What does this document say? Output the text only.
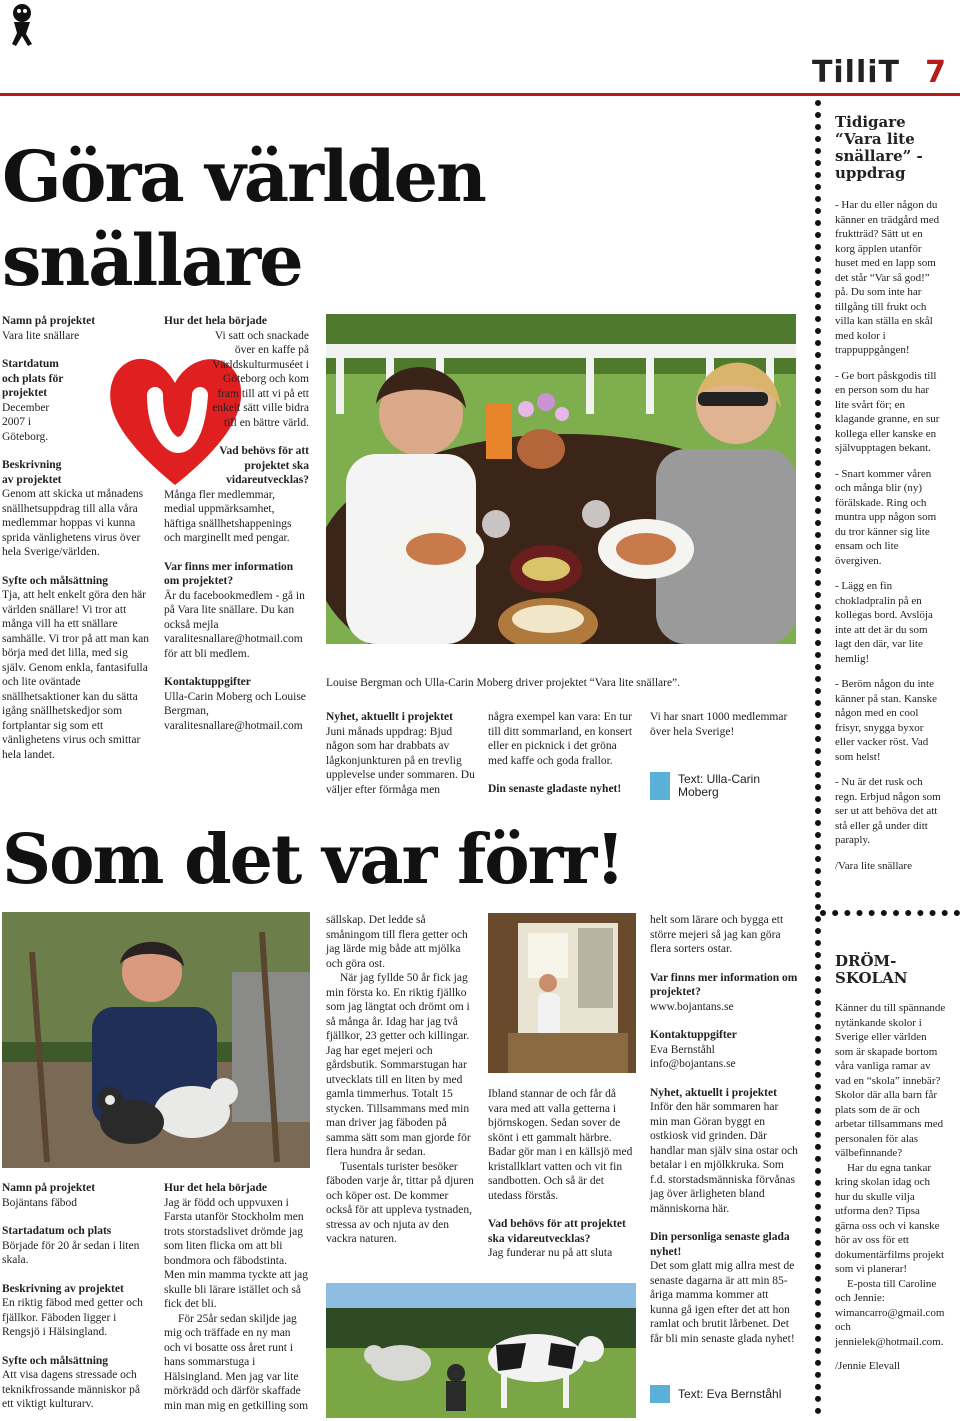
TilliT 7
Göra världen
snällare

Namn på projektet

Vara lite snällare

Startdatum och plats för projektet

December 2007 i Göteborg.

Beskrivning av projektet

Genom att skicka ut månadens snällhetsuppdrag till alla våra medlemmar hoppas vi kunna sprida vänlighetens virus över hela Sverige/världen.

Syfte och målsättning

Tja, att helt enkelt göra den här världen snällare! Vi tror att många vill ha ett snällare samhälle. Vi tror på att man kan börja med det lilla, med sig själv. Genom enkla, fantasifulla och lite oväntade snällhetsaktioner kan du sätta igång snällhetskedjor som fortplantar sig som ett vänlighetens virus och smittar hela landet.

Hur det hela började

Vi satt och snackade över en kaffe på Världskulturmuséet i Göteborg och kom fram till att vi på ett enkelt sätt ville bidra till en bättre värld.

Vad behövs för att projektet ska vidareutvecklas?

Många fler medlemmar, medial uppmärksamhet, häftiga snällhetshappenings och marginellt med pengar.

Var finns mer information om projektet?

Är du facebookmedlem - gå in på Vara lite snällare. Du kan också mejla varalitesnallare@hotmail.com för att bli medlem.

Kontaktuppgifter

Ulla-Carin Moberg och Louise Bergman, varalitesnallare@hotmail.com

Louise Bergman och Ulla-Carin Moberg driver projektet “Vara lite snällare”.

Nyhet, aktuellt i projektet

Juni månads uppdrag: Bjud någon som har drabbats av lågkonjunkturen på en trevlig upplevelse under sommaren. Du väljer efter förmåga men

några exempel kan vara: En tur till ditt sommarland, en konsert eller en picknick i det gröna med kaffe och goda frallor.

Din senaste gladaste nyhet!

Vi har snart 1000 medlemmar över hela Sverige!

Text: Ulla-Carin Moberg
Tidigare “Vara lite snällare” -uppdrag

- Har du eller någon du känner en trädgård med fruktträd? Sätt ut en korg äpplen utanför huset med en lapp som det står “Var så god!” på. Du som inte har tillgång till frukt och villa kan ställa en skål med kolor i trappuppgången!

- Ge bort påskgodis till en person som du har lite svårt för; en klagande granne, en sur kollega eller kanske en självupptagen bekant.

- Snart kommer våren och många blir (ny) förälskade. Ring och muntra upp någon som du tror känner sig lite ensam och lite övergiven.

- Lägg en fin chokladpralin på en kollegas bord. Avslöja inte att det är du som lagt den där, var lite hemlig!

- Beröm någon du inte känner på stan. Kanske någon med en cool frisyr, snygga byxor eller vacker röst. Vad som helst!

- Nu är det rusk och regn. Erbjud någon som ser ut att behöva det att stå eller gå under ditt paraply.

/Vara lite snällare

Som det var förr!

Namn på projektet

Bojäntans fäbod

Startadatum och plats

Började för 20 år sedan i liten skala.

Beskrivning av projektet

En riktig fäbod med getter och fjällkor. Fäboden ligger i Rengsjö i Hälsingland.

Syfte och målsättning

Att visa dagens stressade och teknikfrossande människor på ett viktigt kulturarv.

Hur det hela började

Jag är född och uppvuxen i Farsta utanför Stockholm men trots storstadslivet drömde jag som liten flicka om att bli bondmora och fäbodstinta. Men min mamma tyckte att jag skulle bli lärare istället och så fick det bli.

För 25år sedan skiljde jag mig och träffade en ny man och vi bosatte oss året runt i hans sommarstuga i Hälsingland. Men jag var lite mörkrädd och därför skaffade min man mig en getkilling som

sällskap. Det ledde så småningom till flera getter och jag lärde mig både att mjölka och göra ost.

När jag fyllde 50 år fick jag min första ko. En riktig fjällko som jag längtat och drömt om i så många år. Idag har jag två fjällkor, 23 getter och killingar. Jag har eget mejeri och gårdsbutik. Sommarstugan har utvecklats till en liten by med gamla timmerhus. Totalt 15 stycken. Tillsammans med min man driver jag fäboden på samma sätt som man gjorde för flera hundra år sedan.

Tusentals turister besöker fäboden varje år, tittar på djuren och köper ost. De kommer också för att uppleva tystnaden, stressa av och njuta av den vackra naturen.

Ibland stannar de och får då vara med att valla getterna i björnskogen. Sedan sover de skönt i ett gammalt härbre. Badar gör man i en källsjö med kristallklart vatten och vit fin sandbotten. Och så är det utedass förstås.

Vad behövs för att projektet ska vidareutvecklas?

Jag funderar nu på att sluta

helt som lärare och bygga ett större mejeri så jag kan göra flera sorters ostar.

Var finns mer information om projektet?

www.bojantans.se

Kontaktuppgifter

Eva Bernståhl info@bojantans.se

Nyhet, aktuellt i projektet

Inför den här sommaren har min man Göran byggt en ostkiosk vid grinden. Där handlar man själv sina ostar och betalar i en mjölkkruka. Som f.d. storstadsmänniska förvånas jag över ärligheten bland människorna här.

Din personliga senaste glada nyhet!

Det som glatt mig allra mest de senaste dagarna är att min 85-åriga mamma kommer att kunna gå igen efter det att hon ramlat och brutit lårbenet. Det får bli min senaste glada nyhet!

Text: Eva Bernståhl
DRÖM-SKOLAN

Känner du till spännande nytänkande skolor i Sverige eller världen som är skapade bortom våra vanliga ramar av vad en “skola” innebär? Skolor där alla barn får plats som de är och arbetar tillsammans med personalen för alas välbefinnande?

Har du egna tankar kring skolan idag och hur du skulle vilja utforma den? Tipsa gärna oss och vi kanske hör av oss för ett dokumentärfilms projekt som vi planerar!

E-posta till Caroline och Jennie: wimancarro@gmail.com och jennielek@hotmail.com.

/Jennie Elevall
